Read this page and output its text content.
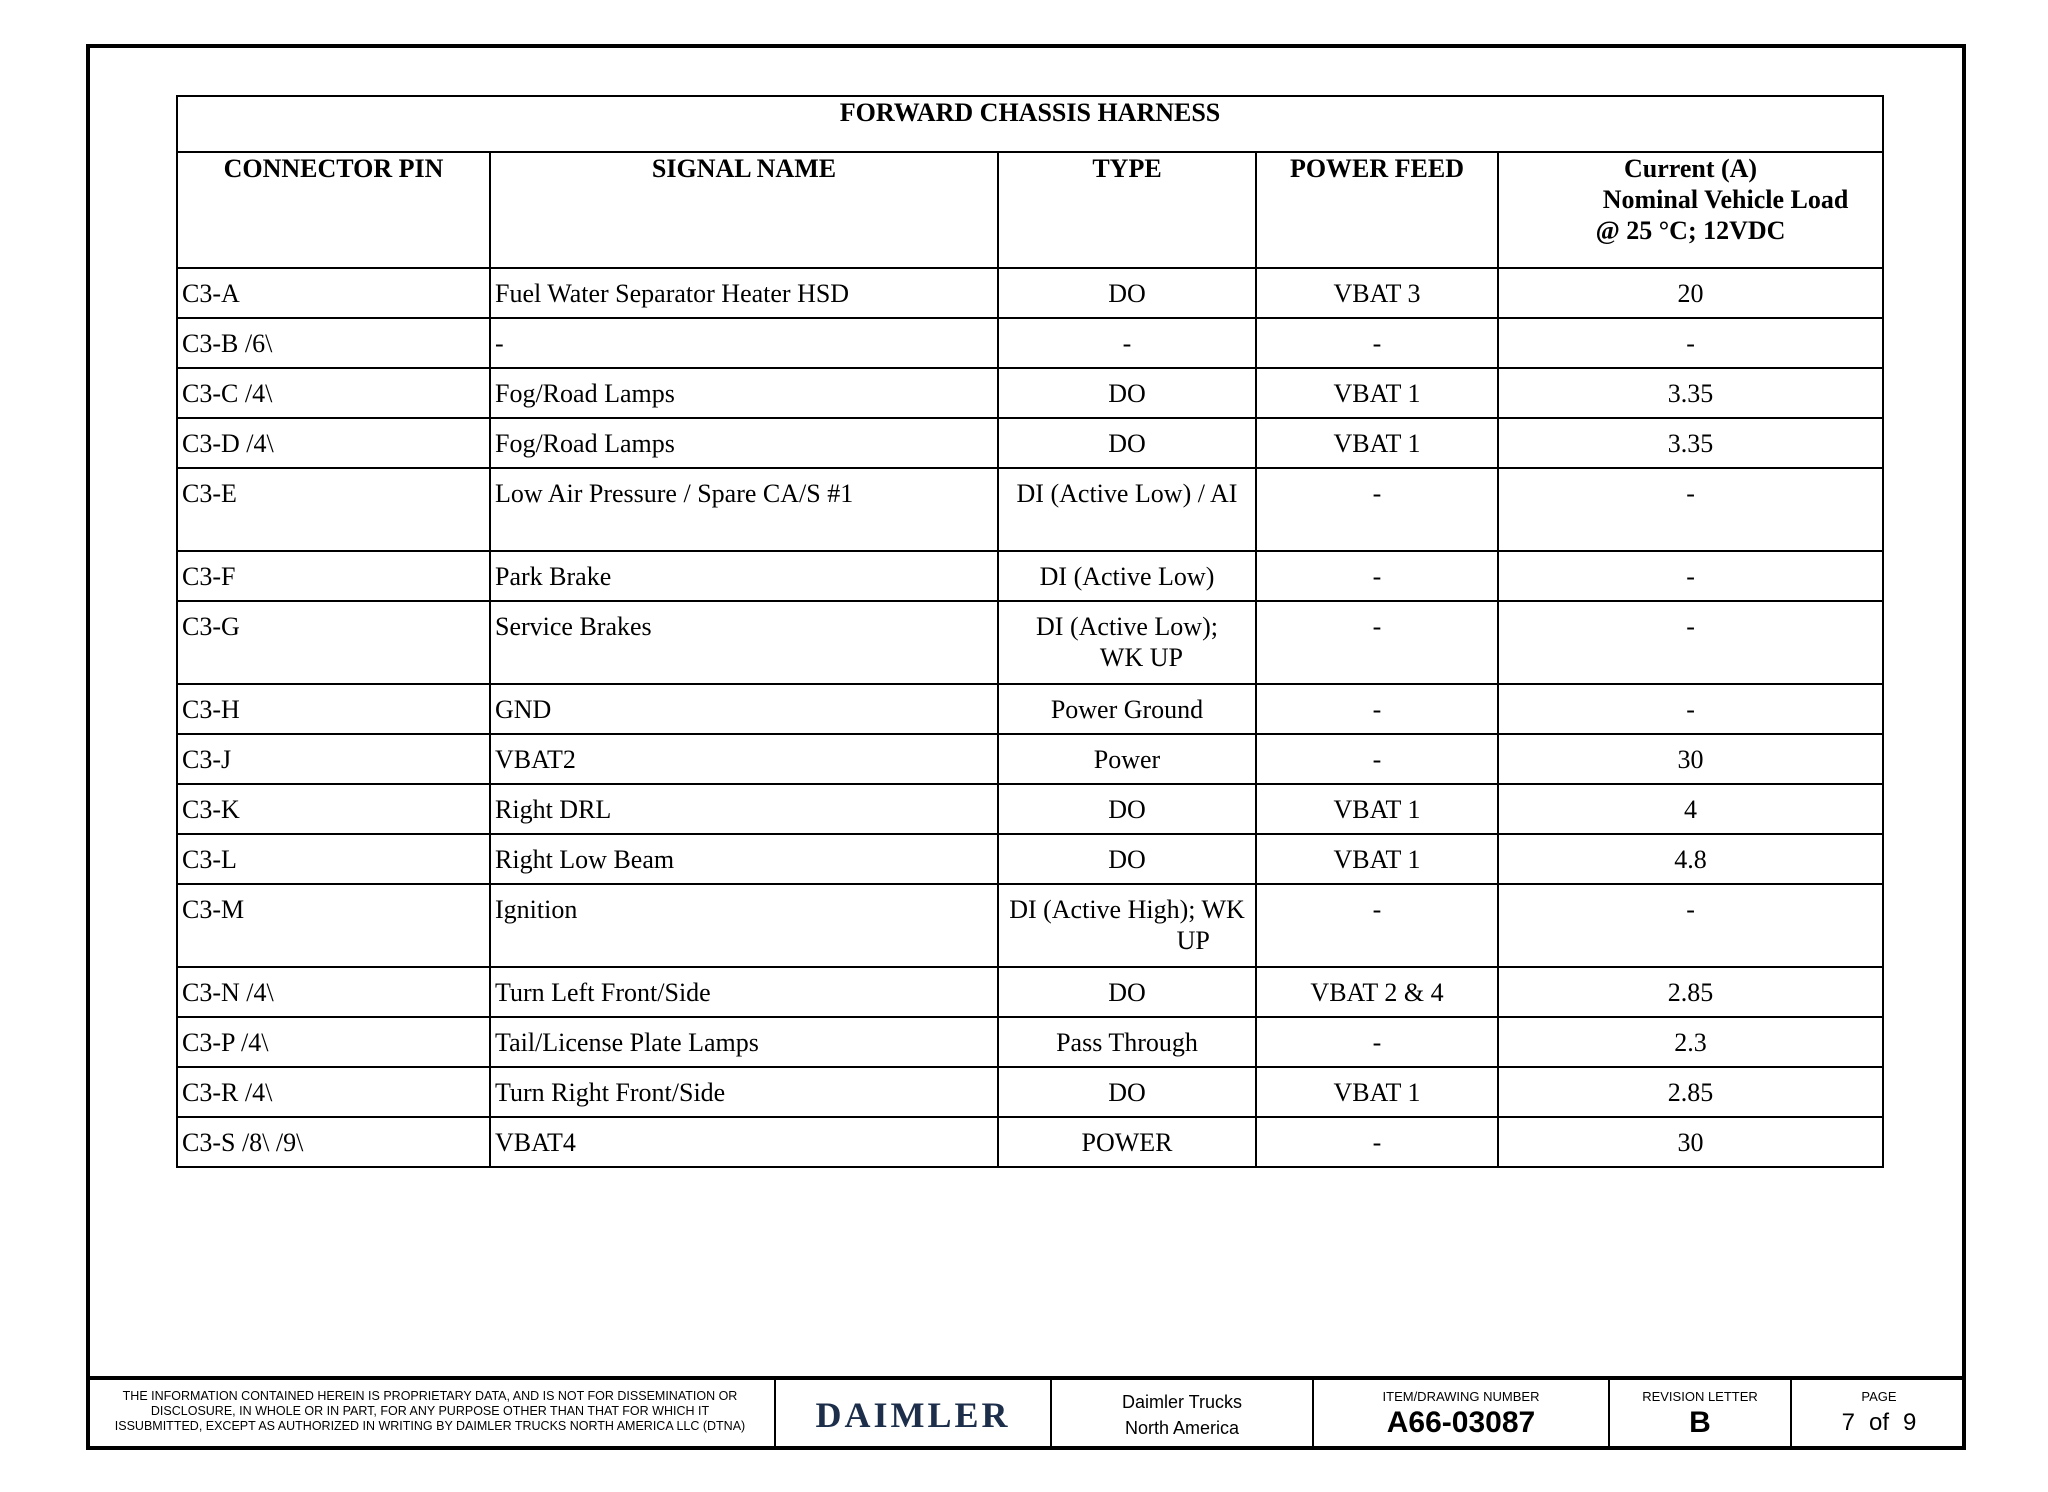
FORWARD CHASSIS HARNESS				
CONNECTOR PIN	SIGNAL NAME	TYPE	POWER FEED	Current (A)
Nominal Vehicle Load
@ 25 °C; 12VDC

C3-A	Fuel Water Separator Heater HSD	DO	VBAT 3	20
C3-B /6\	-	-	-	-
C3-C /4\	Fog/Road Lamps	DO	VBAT 1	3.35
C3-D /4\	Fog/Road Lamps	DO	VBAT 1	3.35
C3-E	Low Air Pressure / Spare CA/S #1	DI (Active Low) / AI	-	-
C3-F	Park Brake	DI (Active Low)	-	-
C3-G	Service Brakes	DI (Active Low);
WK UP	-	-
C3-H	GND	Power Ground	-	-
C3-J	VBAT2	Power	-	30
C3-K	Right DRL	DO	VBAT 1	4
C3-L	Right Low Beam	DO	VBAT 1	4.8
C3-M	Ignition	DI (Active High); WK
UP	-	-
C3-N /4\	Turn Left Front/Side	DO	VBAT 2 & 4	2.85
C3-P /4\	Tail/License Plate Lamps	Pass Through	-	2.3
C3-R /4\	Turn Right Front/Side	DO	VBAT 1	2.85
C3-S /8\ /9\	VBAT4	POWER	-	30
THE INFORMATION CONTAINED HEREIN IS PROPRIETARY DATA, AND IS NOT FOR DISSEMINATION OR
DISCLOSURE, IN WHOLE OR IN PART, FOR ANY PURPOSE OTHER THAN THAT FOR WHICH IT
ISSUBMITTED, EXCEPT AS AUTHORIZED IN WRITING BY DAIMLER TRUCKS NORTH AMERICA LLC (DTNA)	DAIMLER	Daimler Trucks
North America
ITEM/DRAWING NUMBER
A66-03087
REVISION LETTER
B
PAGE
7 of 9
